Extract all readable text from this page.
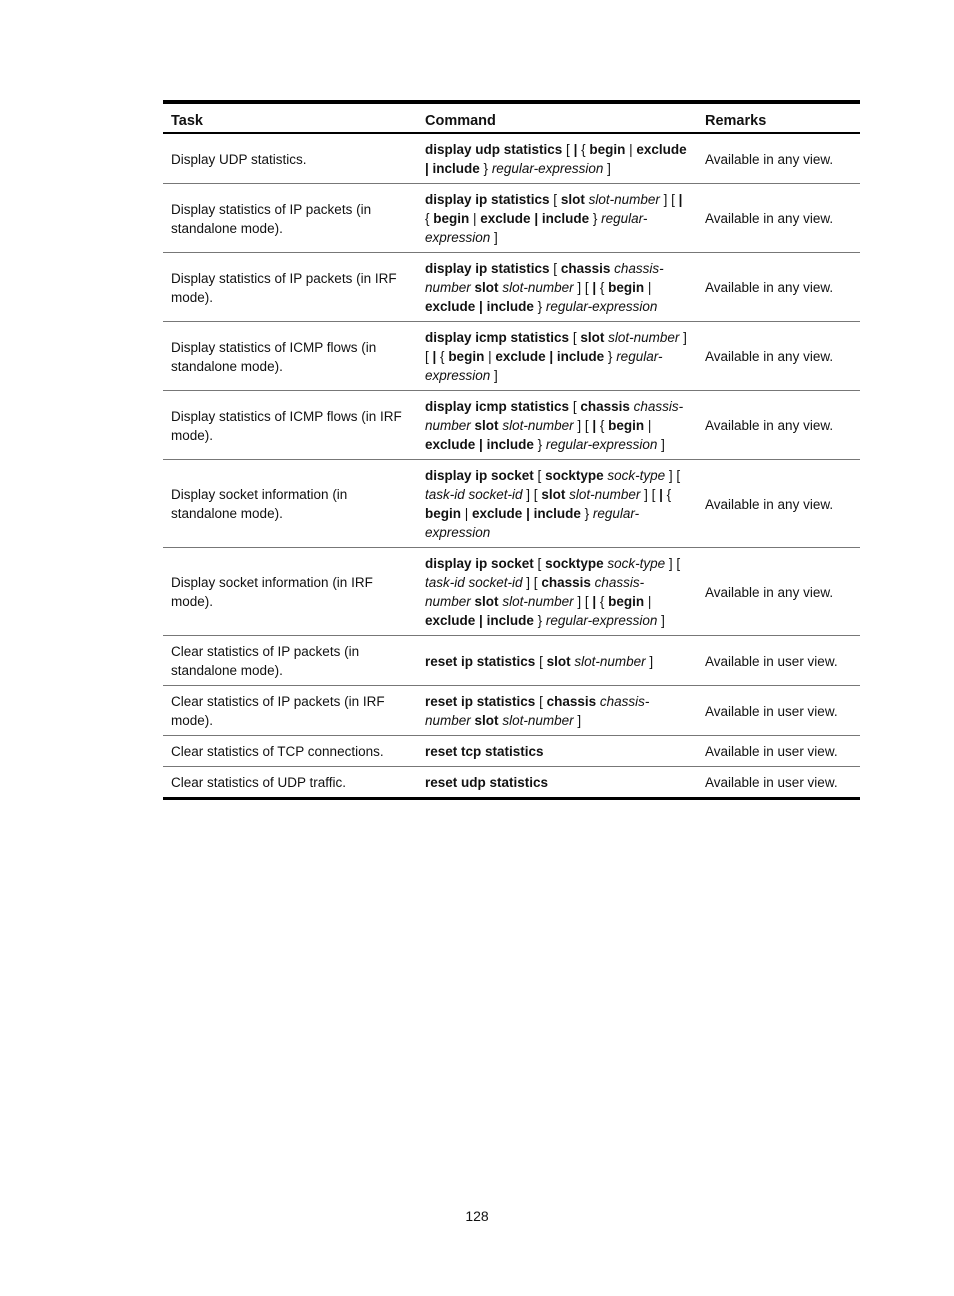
Task	Command	Remarks
Display UDP statistics.	display udp statistics [ | { begin | exclude | include } regular-expression ]	Available in any view.
Display statistics of IP packets (in standalone mode).	display ip statistics [ slot slot-number ] [ | { begin | exclude | include } regular-expression ]	Available in any view.
Display statistics of IP packets (in IRF mode).	display ip statistics [ chassis chassis-number slot slot-number ] [ | { begin | exclude | include } regular-expression	Available in any view.
Display statistics of ICMP flows (in standalone mode).	display icmp statistics [ slot slot-number ] [ | { begin | exclude | include } regular-expression ]	Available in any view.
Display statistics of ICMP flows (in IRF mode).	display icmp statistics [ chassis chassis-number slot slot-number ] [ | { begin | exclude | include } regular-expression ]	Available in any view.
Display socket information (in standalone mode).	display ip socket [ socktype sock-type ] [ task-id socket-id ] [ slot slot-number ] [ | { begin | exclude | include } regular-expression	Available in any view.
Display socket information (in IRF mode).	display ip socket [ socktype sock-type ] [ task-id socket-id ] [ chassis chassis-number slot slot-number ] [ | { begin | exclude | include } regular-expression ]	Available in any view.
Clear statistics of IP packets (in standalone mode).	reset ip statistics [ slot slot-number ]	Available in user view.
Clear statistics of IP packets (in IRF mode).	reset ip statistics [ chassis chassis-number slot slot-number ]	Available in user view.
Clear statistics of TCP connections.	reset tcp statistics	Available in user view.
Clear statistics of UDP traffic.	reset udp statistics	Available in user view.
128
